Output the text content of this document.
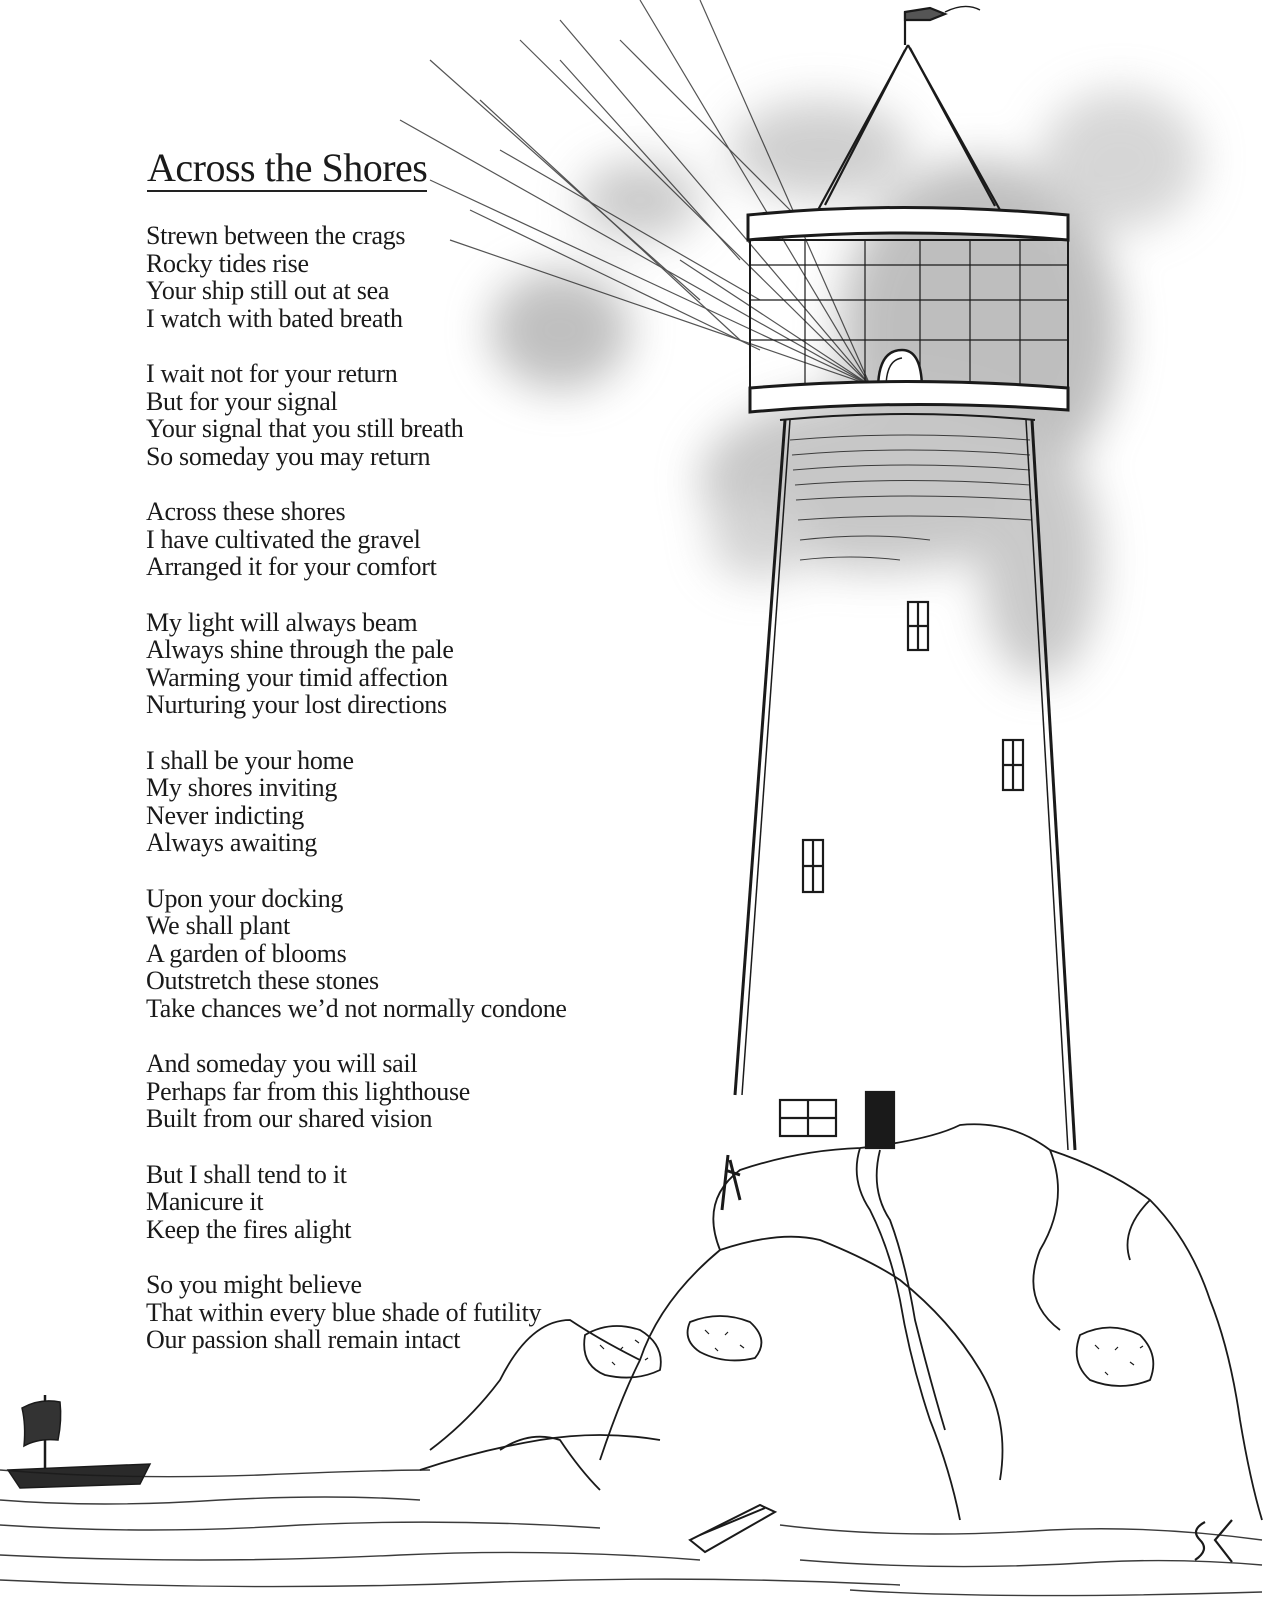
Across the Shores
Strewn between the crags
Rocky tides rise
Your ship still out at sea
I watch with bated breath
I wait not for your return
But for your signal
Your signal that you still breath
So someday you may return
Across these shores
I have cultivated the gravel
Arranged it for your comfort
My light will always beam
Always shine through the pale
Warming your timid affection
Nurturing your lost directions
I shall be your home
My shores inviting
Never indicting
Always awaiting
Upon your docking
We shall plant
A garden of blooms
Outstretch these stones
Take chances we’d not normally condone
And someday you will sail
Perhaps far from this lighthouse
Built from our shared vision
But I shall tend to it
Manicure it
Keep the fires alight
So you might believe
That within every blue shade of futility
Our passion shall remain intact
